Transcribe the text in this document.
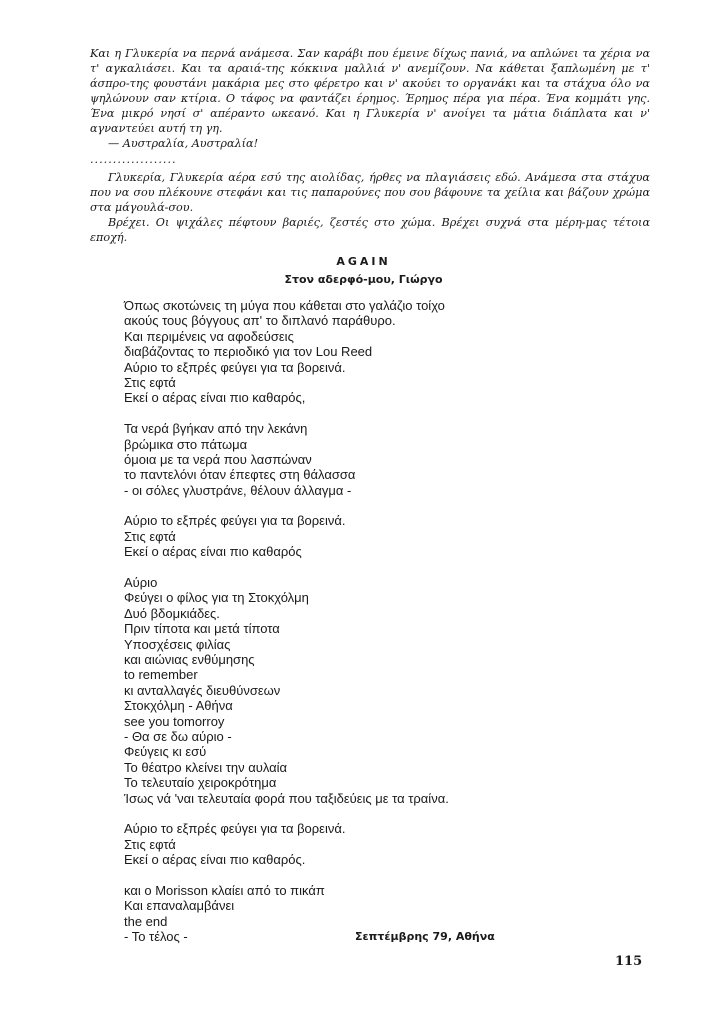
Και η Γλυκερία να περνά ανάμεσα. Σαν καράβι που έμεινε δίχως πανιά, να απλώνει τα χέρια να τ' αγκαλιάσει. Και τα αραιά-της κόκκινα μαλλιά ν' ανεμίζουν. Να κάθεται ξαπλωμένη με τ' άσπρο-της φουστάνι μακάρια μες στο φέρετρο και ν' ακούει το οργανάκι και τα στάχυα όλο να ψηλώνουν σαν κτίρια. Ο τάφος να φαντάζει έρημος. Έρημος πέρα για πέρα. Ένα κομμάτι γης. Ένα μικρό νησί σ' απέραντο ωκεανό. Και η Γλυκερία ν' ανοίγει τα μάτια διάπλατα και ν' αγναντεύει αυτή τη γη.

— Αυστραλία, Αυστραλία!

...................

Γλυκερία, Γλυκερία αέρα εσύ της αιολίδας, ήρθες να πλαγιάσεις εδώ. Ανάμεσα στα στάχυα που να σου πλέκουνε στεφάνι και τις παπαρούνες που σου βάφουνε τα χείλια και βάζουν χρώμα στα μάγουλά-σου.

Βρέχει. Οι ψιχάλες πέφτουν βαριές, ζεστές στο χώμα. Βρέχει συχνά στα μέρη-μας τέτοια εποχή.

AGAIN
Στον αδερφό-μου, Γιώργο
Όπως σκοτώνεις τη μύγα που κάθεται στο γαλάζιο τοίχο
ακούς τους βόγγους απ' το διπλανό παράθυρο.
Και περιμένεις να αφοδεύσεις
διαβάζοντας το περιοδικό για τον Lou Reed
Αύριο το εξπρές φεύγει για τα βορεινά.
Στις εφτά
Εκεί ο αέρας είναι πιο καθαρός,
Τα νερά βγήκαν από την λεκάνη
βρώμικα στο πάτωμα
όμοια με τα νερά που λασπώναν
το παντελόνι όταν έπεφτες στη θάλασσα
- οι σόλες γλυστράνε, θέλουν άλλαγμα -
Αύριο το εξπρές φεύγει για τα βορεινά.
Στις εφτά
Εκεί ο αέρας είναι πιο καθαρός
Αύριο
Φεύγει ο φίλος για τη Στοκχόλμη
Δυό βδομκιάδες.
Πριν τίποτα και μετά τίποτα
Υποσχέσεις φιλίας
και αιώνιας ενθύμησης
to remember
κι ανταλλαγές διευθύνσεων
Στοκχόλμη - Αθήνα
see you tomorroy
- Θα σε δω αύριο -
Φεύγεις κι εσύ
Το θέατρο κλείνει την αυλαία
Το τελευταίο χειροκρότημα
Ίσως νά 'ναι τελευταία φορά που ταξιδεύεις με τα τραίνα.
Αύριο το εξπρές φεύγει για τα βορεινά.
Στις εφτά
Εκεί ο αέρας είναι πιο καθαρός.
και ο Morisson κλαίει από το πικάπ
Και επαναλαμβάνει
the end
- Το τέλος -	Σεπτέμβρης 79, Αθήνα
115
